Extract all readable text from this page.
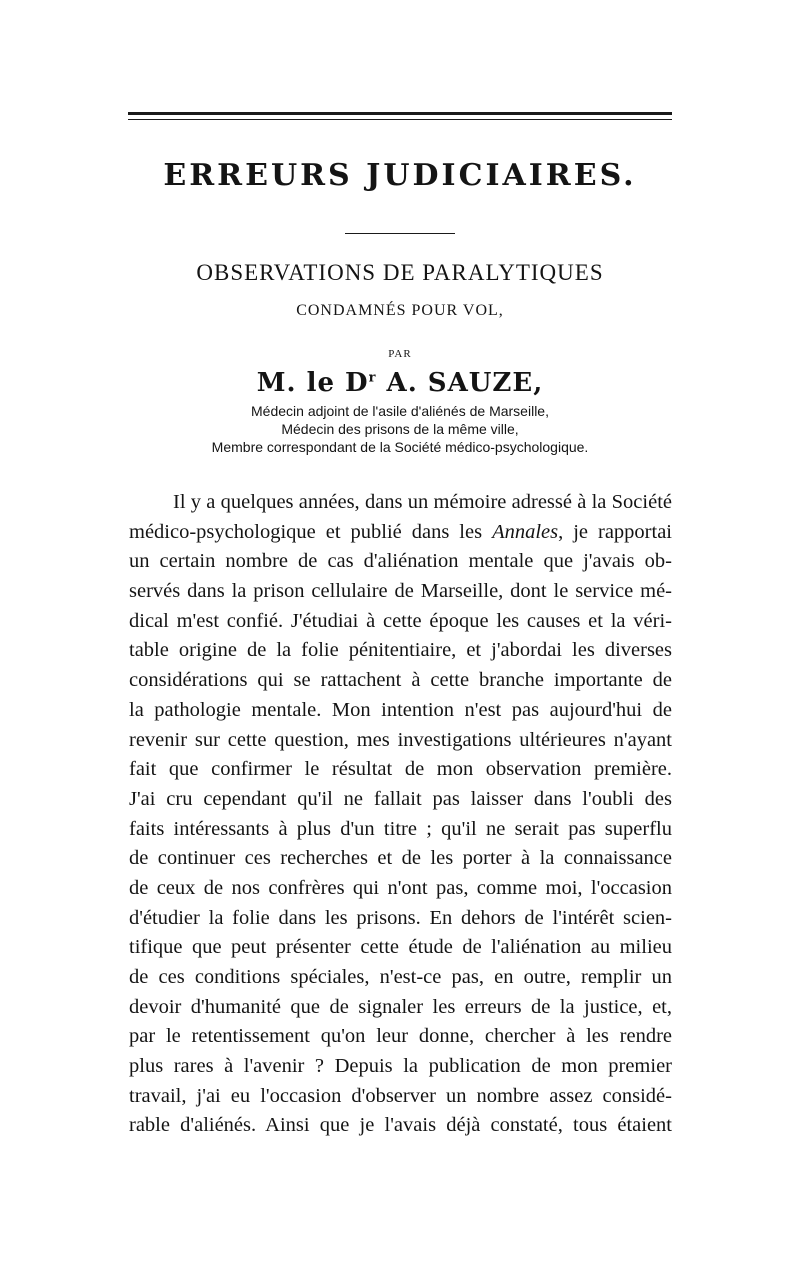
ERREURS JUDICIAIRES.
OBSERVATIONS DE PARALYTIQUES
CONDAMNÉS POUR VOL,
PAR
M. le $D^r$ A. SAUZE,
Médecin adjoint de l'asile d'aliénés de Marseille,
Médecin des prisons de la même ville,
Membre correspondant de la Société médico-psychologique.
Il y a quelques années, dans un mémoire adressé à la Société
médico-psychologique et publié dans les Annales, je rapportai
un certain nombre de cas d'aliénation mentale que j'avais ob-
servés dans la prison cellulaire de Marseille, dont le service mé-
dical m'est confié. J'étudiai à cette époque les causes et la véri-
table origine de la folie pénitentiaire, et j'abordai les diverses
considérations qui se rattachent à cette branche importante de
la pathologie mentale. Mon intention n'est pas aujourd'hui de
revenir sur cette question, mes investigations ultérieures n'ayant
fait que confirmer le résultat de mon observation première.
J'ai cru cependant qu'il ne fallait pas laisser dans l'oubli des
faits intéressants à plus d'un titre ; qu'il ne serait pas superflu
de continuer ces recherches et de les porter à la connaissance
de ceux de nos confrères qui n'ont pas, comme moi, l'occasion
d'étudier la folie dans les prisons. En dehors de l'intérêt scien-
tifique que peut présenter cette étude de l'aliénation au milieu
de ces conditions spéciales, n'est-ce pas, en outre, remplir un
devoir d'humanité que de signaler les erreurs de la justice, et,
par le retentissement qu'on leur donne, chercher à les rendre
plus rares à l'avenir ? Depuis la publication de mon premier
travail, j'ai eu l'occasion d'observer un nombre assez considé-
rable d'aliénés. Ainsi que je l'avais déjà constaté, tous étaient
